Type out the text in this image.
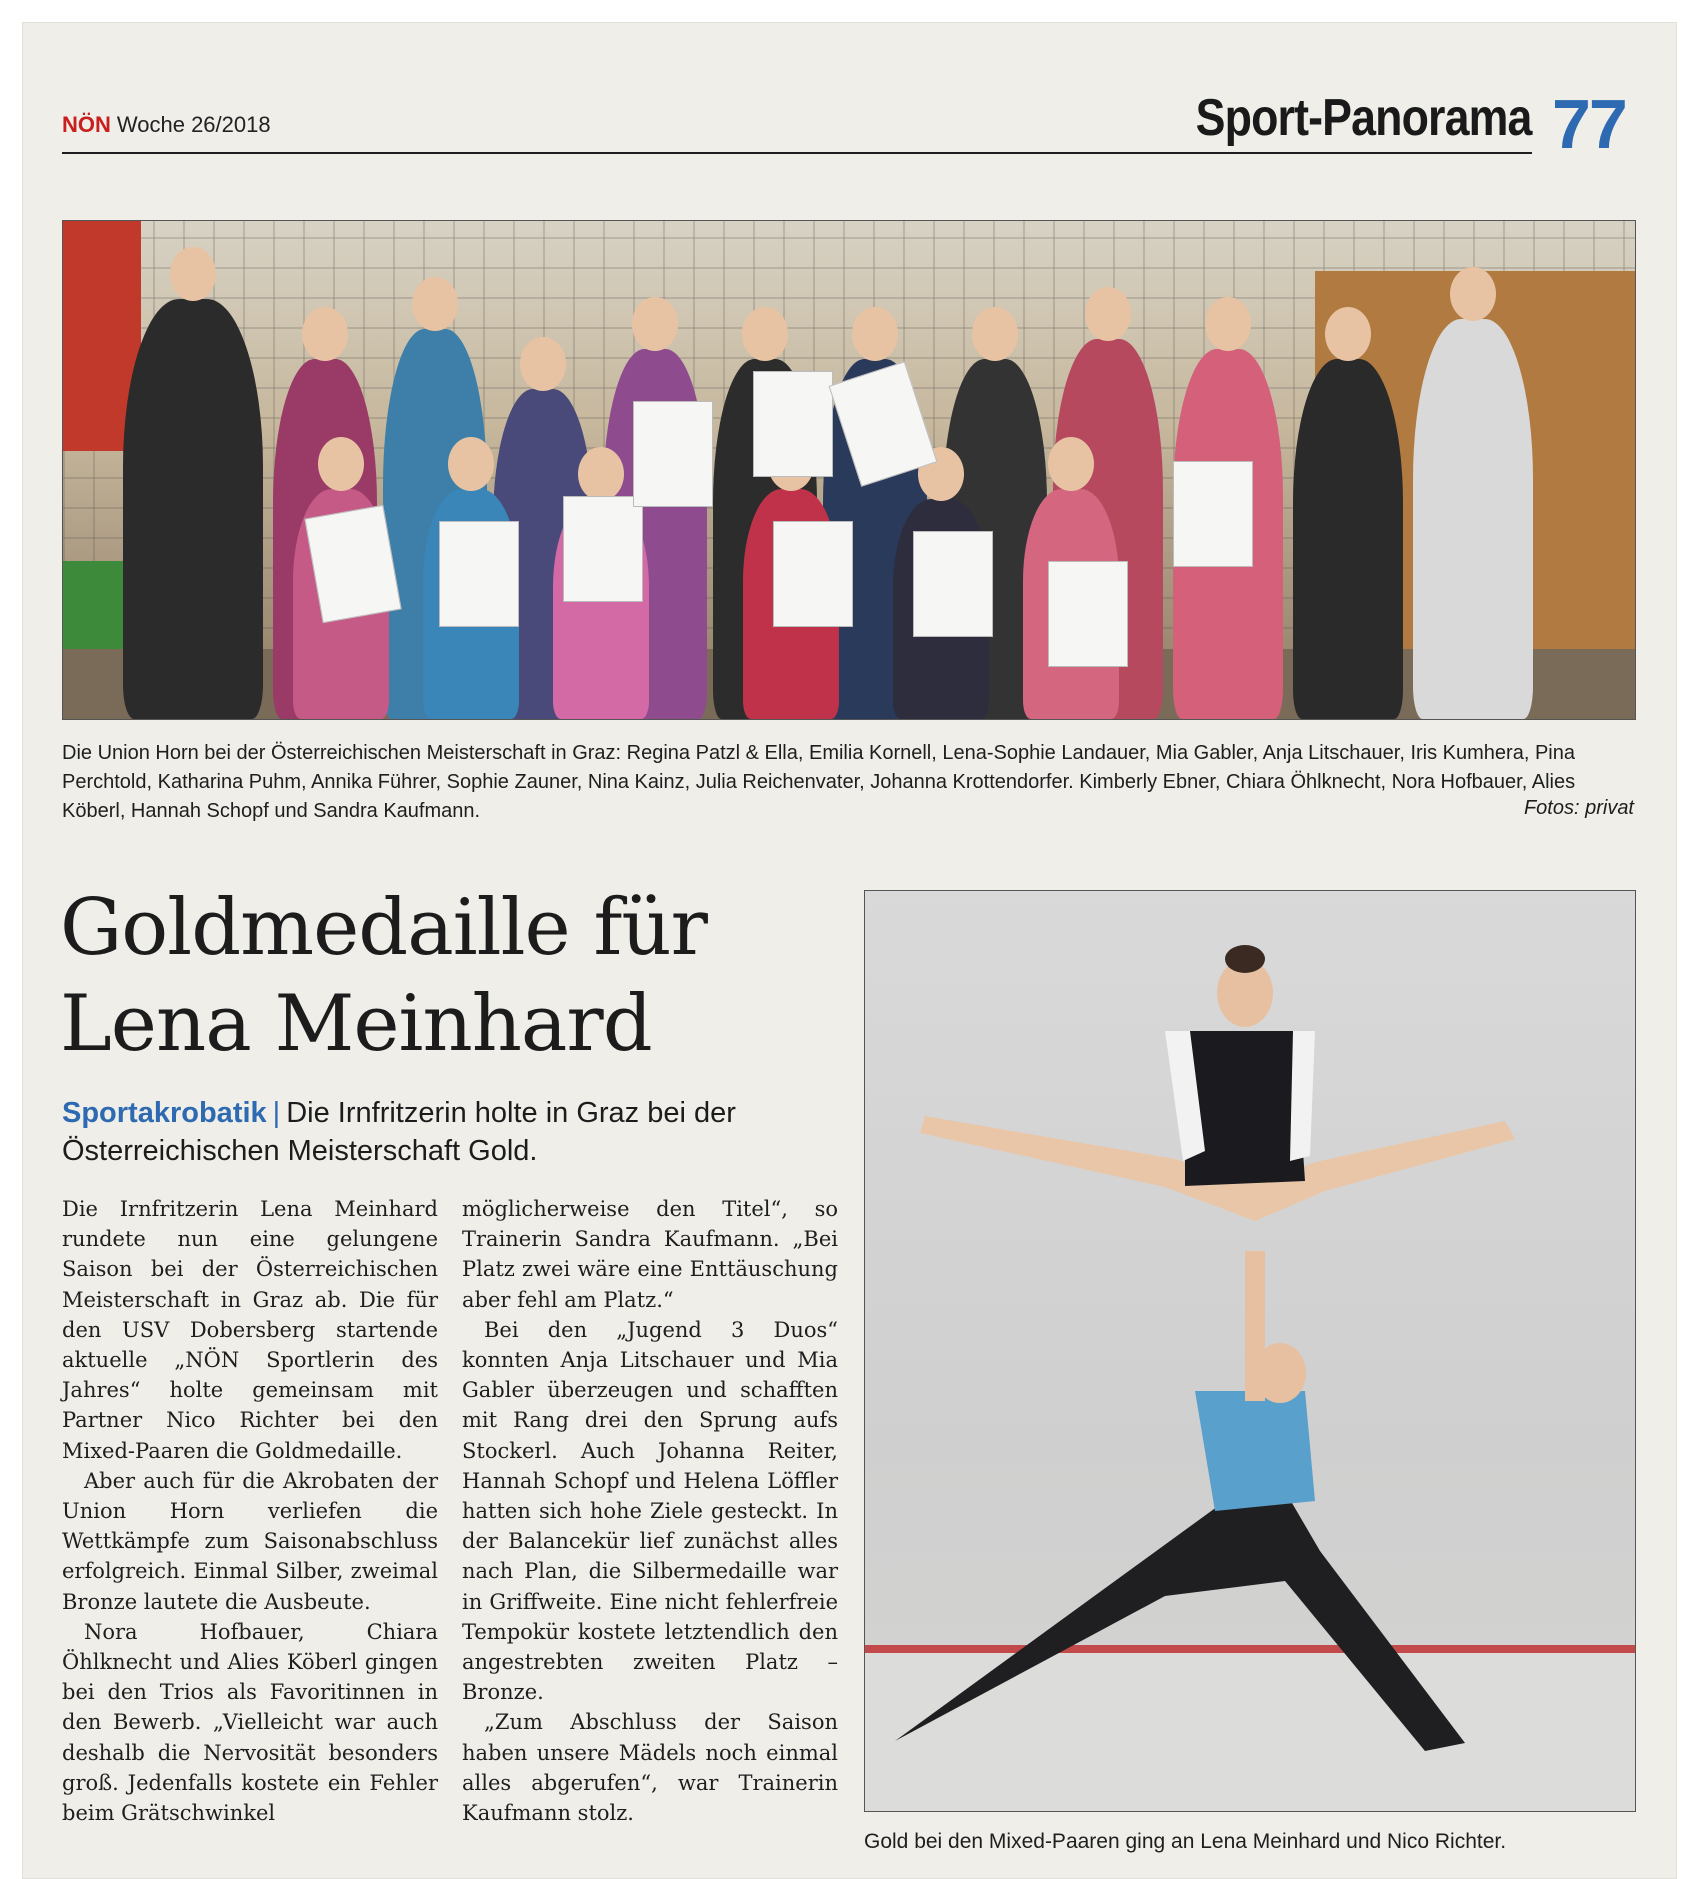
NÖN Woche 26/2018	Sport-Panorama 77
Die Union Horn bei der Österreichischen Meisterschaft in Graz: Regina Patzl & Ella, Emilia Kornell, Lena-Sophie Landauer, Mia Gabler, Anja Litschauer, Iris Kumhera, Pina Perchtold, Katharina Puhm, Annika Führer, Sophie Zauner, Nina Kainz, Julia Reichenvater, Johanna Krottendorfer. Kimberly Ebner, Chiara Öhlknecht, Nora Hofbauer, Alies Köberl, Hannah Schopf und Sandra Kaufmann.	Fotos: privat
Goldmedaille für
Lena Meinhard
Sportakrobatik | Die Irnfritzerin holte in Graz bei der Österreichischen Meisterschaft Gold.

Die Irnfritzerin Lena Meinhard rundete nun eine gelungene Saison bei der Österreichischen Meisterschaft in Graz ab. Die für den USV Dobersberg startende aktuelle „NÖN Sportlerin des Jahres“ holte gemeinsam mit Partner Nico Richter bei den Mixed-Paaren die Goldmedaille.

Aber auch für die Akrobaten der Union Horn verliefen die Wettkämpfe zum Saisonabschluss erfolgreich. Einmal Silber, zweimal Bronze lautete die Ausbeute.

Nora Hofbauer, Chiara Öhlknecht und Alies Köberl gingen bei den Trios als Favoritinnen in den Bewerb. „Vielleicht war auch deshalb die Nervosität besonders groß. Jedenfalls kostete ein Fehler beim Grätschwinkel

möglicherweise den Titel“, so Trainerin Sandra Kaufmann. „Bei Platz zwei wäre eine Enttäuschung aber fehl am Platz.“

Bei den „Jugend 3 Duos“ konnten Anja Litschauer und Mia Gabler überzeugen und schafften mit Rang drei den Sprung aufs Stockerl. Auch Johanna Reiter, Hannah Schopf und Helena Löffler hatten sich hohe Ziele gesteckt. In der Balancekür lief zunächst alles nach Plan, die Silbermedaille war in Griffweite. Eine nicht fehlerfreie Tempokür kostete letztendlich den angestrebten zweiten Platz – Bronze.

„Zum Abschluss der Saison haben unsere Mädels noch einmal alles abgerufen“, war Trainerin Kaufmann stolz.

Gold bei den Mixed-Paaren ging an Lena Meinhard und Nico Richter.
